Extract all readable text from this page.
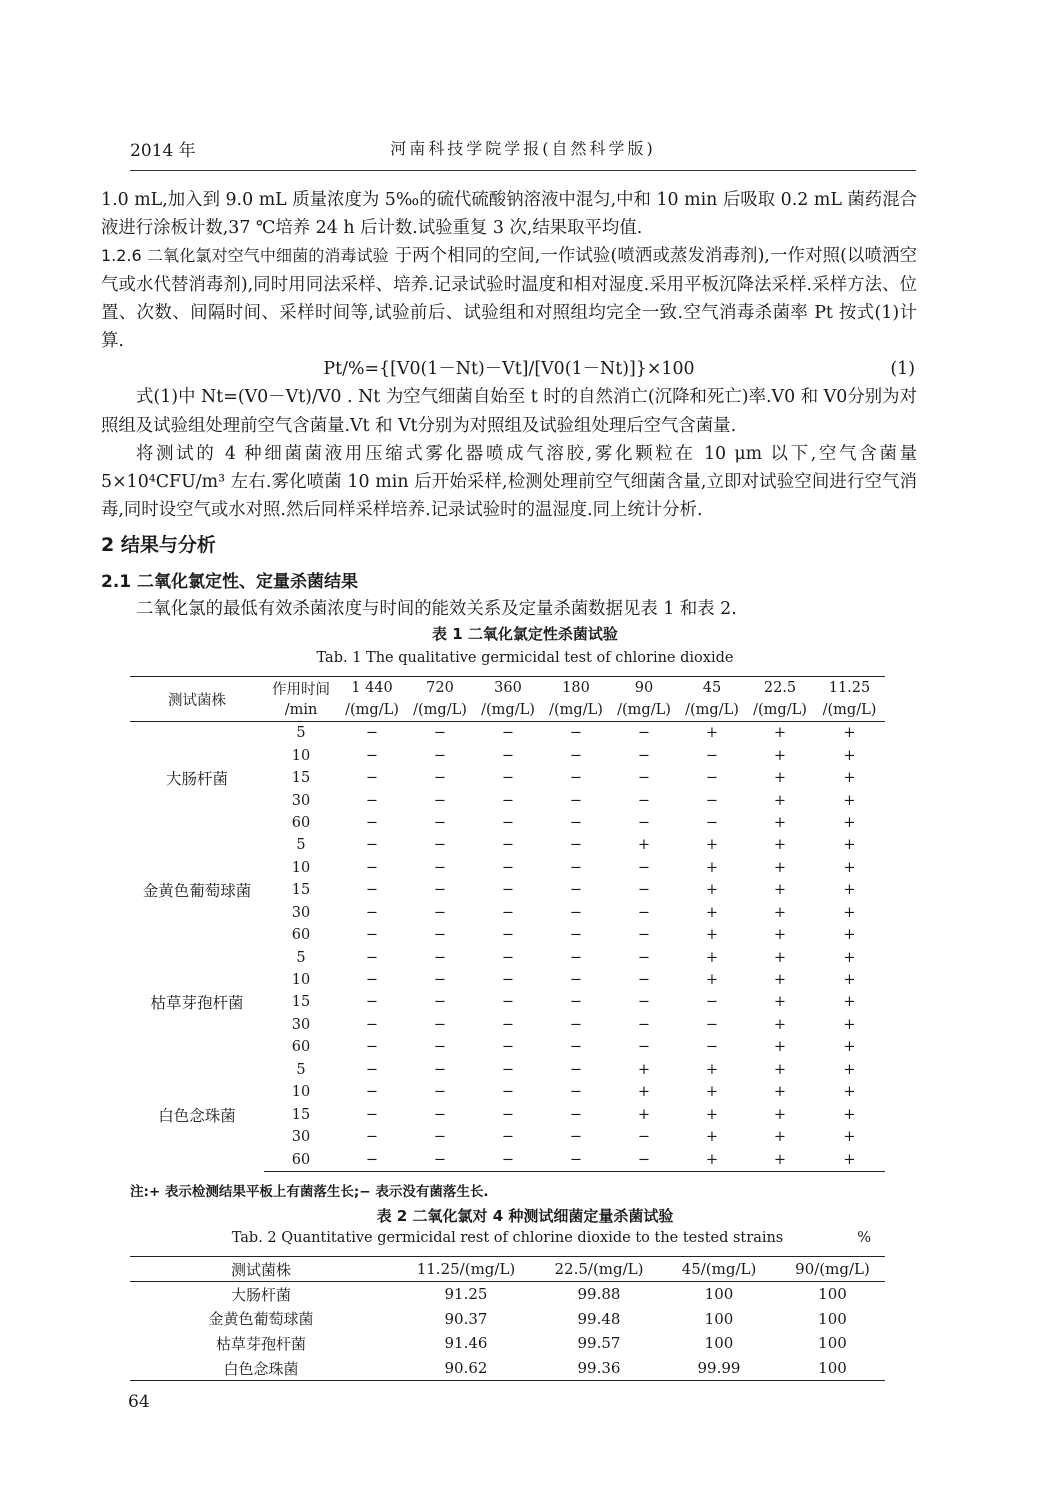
2014 年	河南科技学院学报(自然科学版)

1.0 mL,加入到 9.0 mL 质量浓度为 5‰的硫代硫酸钠溶液中混匀,中和 10 min 后吸取 0.2 mL 菌药混合液进行涂板计数,37 ℃培养 24 h 后计数.试验重复 3 次,结果取平均值.

1.2.6 二氧化氯对空气中细菌的消毒试验 于两个相同的空间,一作试验(喷洒或蒸发消毒剂),一作对照(以喷洒空气或水代替消毒剂),同时用同法采样、培养.记录试验时温度和相对湿度.采用平板沉降法采样.采样方法、位置、次数、间隔时间、采样时间等,试验前后、试验组和对照组均完全一致.空气消毒杀菌率 Pt 按式(1)计算.

Pt/%={[V0(1－Nt)－Vt]/[V0(1－Nt)]}×100	(1)

式(1)中 Nt=(V0－Vt)/V0 . Nt 为空气细菌自始至 t 时的自然消亡(沉降和死亡)率.V0 和 V0分别为对照组及试验组处理前空气含菌量.Vt 和 Vt分别为对照组及试验组处理后空气含菌量.

将测试的 4 种细菌菌液用压缩式雾化器喷成气溶胶,雾化颗粒在 10 μm 以下,空气含菌量 5×10⁴CFU/m³ 左右.雾化喷菌 10 min 后开始采样,检测处理前空气细菌含量,立即对试验空间进行空气消毒,同时设空气或水对照.然后同样采样培养.记录试验时的温湿度.同上统计分析.

2 结果与分析
2.1 二氧化氯定性、定量杀菌结果
二氧化氯的最低有效杀菌浓度与时间的能效关系及定量杀菌数据见表 1 和表 2.
表 1 二氧化氯定性杀菌试验
Tab. 1 The qualitative germicidal test of chlorine dioxide
测试菌株	作用时间	1 440	720	360	180	90	45	22.5	11.25
	/min	/(mg/L)	/(mg/L)	/(mg/L)	/(mg/L)	/(mg/L)	/(mg/L)	/(mg/L)	/(mg/L)
大肠杆菌	5	−	−	−	−	−	+	+	+
	10	−	−	−	−	−	−	+	+
	15	−	−	−	−	−	−	+	+
	30	−	−	−	−	−	−	+	+
	60	−	−	−	−	−	−	+	+
金黄色葡萄球菌	5	−	−	−	−	+	+	+	+
	10	−	−	−	−	−	+	+	+
	15	−	−	−	−	−	+	+	+
	30	−	−	−	−	−	+	+	+
	60	−	−	−	−	−	+	+	+
枯草芽孢杆菌	5	−	−	−	−	−	+	+	+
	10	−	−	−	−	−	+	+	+
	15	−	−	−	−	−	−	+	+
	30	−	−	−	−	−	−	+	+
	60	−	−	−	−	−	−	+	+
白色念珠菌	5	−	−	−	−	+	+	+	+
	10	−	−	−	−	+	+	+	+
	15	−	−	−	−	+	+	+	+
	30	−	−	−	−	−	+	+	+
	60	−	−	−	−	−	+	+	+
注:+ 表示检测结果平板上有菌落生长;− 表示没有菌落生长.
表 2 二氧化氯对 4 种测试细菌定量杀菌试验
Tab. 2 Quantitative germicidal rest of chlorine dioxide to the tested strains	%
测试菌株	11.25/(mg/L)	22.5/(mg/L)	45/(mg/L)	90/(mg/L)
大肠杆菌	91.25	99.88	100	100
金黄色葡萄球菌	90.37	99.48	100	100
枯草芽孢杆菌	91.46	99.57	100	100
白色念珠菌	90.62	99.36	99.99	100
64
